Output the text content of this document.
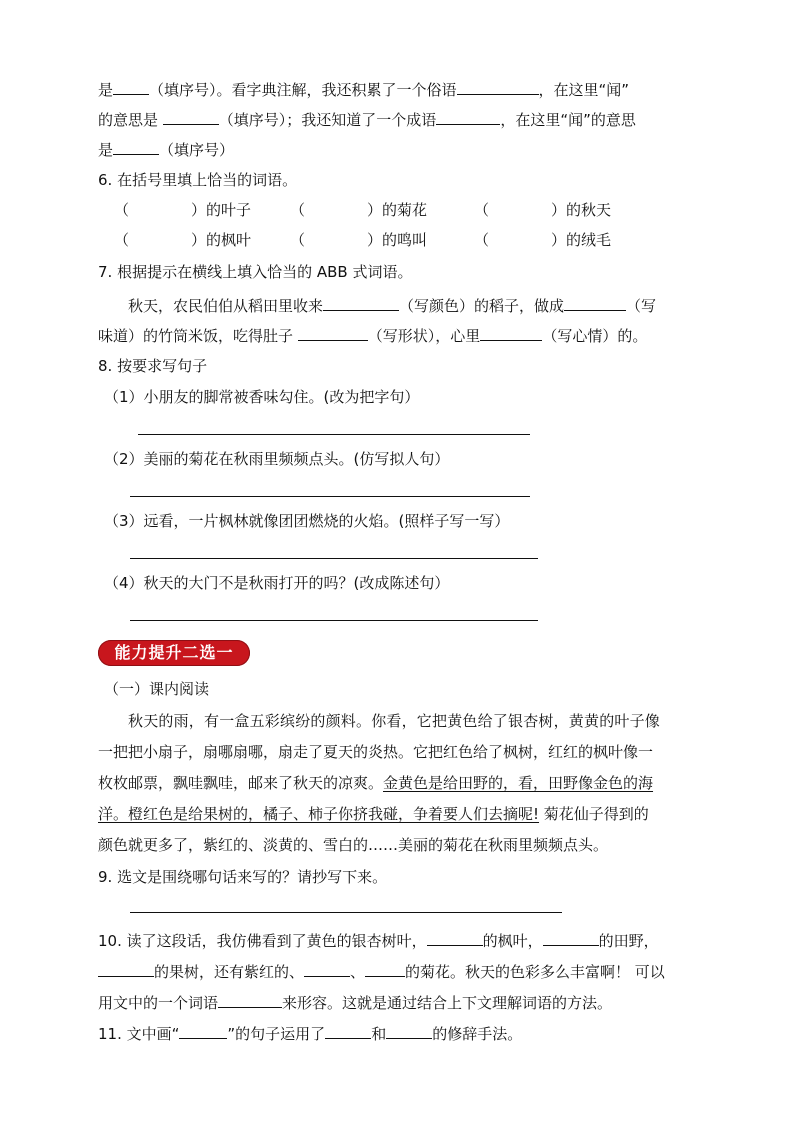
是 （填序号）。看字典注解，我还积累了一个俗语	，在这里“闻”
的意思是	（填序号）；我还知道了一个成语	，在这里“闻”的意思
是	（填序号）
6. 在括号里填上恰当的词语。
（	）的叶子	（	）的菊花	（	）的秋天
（	）的枫叶	（	）的鸣叫	（	）的绒毛
7. 根据提示在横线上填入恰当的 ABB 式词语。
秋天，农民伯伯从稻田里收来	（写颜色）的稻子，做成	（写
味道）的竹筒米饭，吃得肚子	（写形状），心里	（写心情）的。
8. 按要求写句子
（1）小朋友的脚常被香味勾住。(改为把字句）
（2）美丽的菊花在秋雨里频频点头。(仿写拟人句）
（3）远看，一片枫林就像团团燃烧的火焰。(照样子写一写）
（4）秋天的大门不是秋雨打开的吗？(改成陈述句）
能力提升二选一
（一）课内阅读
秋天的雨，有一盒五彩缤纷的颜料。你看，它把黄色给了银杏树，黄黄的叶子像
一把把小扇子，扇哪扇哪，扇走了夏天的炎热。它把红色给了枫树，红红的枫叶像一
枚枚邮票，飘哇飘哇，邮来了秋天的凉爽。金黄色是给田野的，看，田野像金色的海
洋。橙红色是给果树的，橘子、柿子你挤我碰，争着要人们去摘呢! 菊花仙子得到的
颜色就更多了，紫红的、淡黄的、雪白的……美丽的菊花在秋雨里频频点头。
9. 选文是围绕哪句话来写的？请抄写下来。
10. 读了这段话，我仿佛看到了黄色的银杏树叶，	的枫叶，	的田野，
的果树，还有紫红的、	、	的菊花。秋天的色彩多么丰富啊！ 可以
用文中的一个词语	来形容。这就是通过结合上下文理解词语的方法。
11. 文中画“	”的句子运用了	和	的修辞手法。
